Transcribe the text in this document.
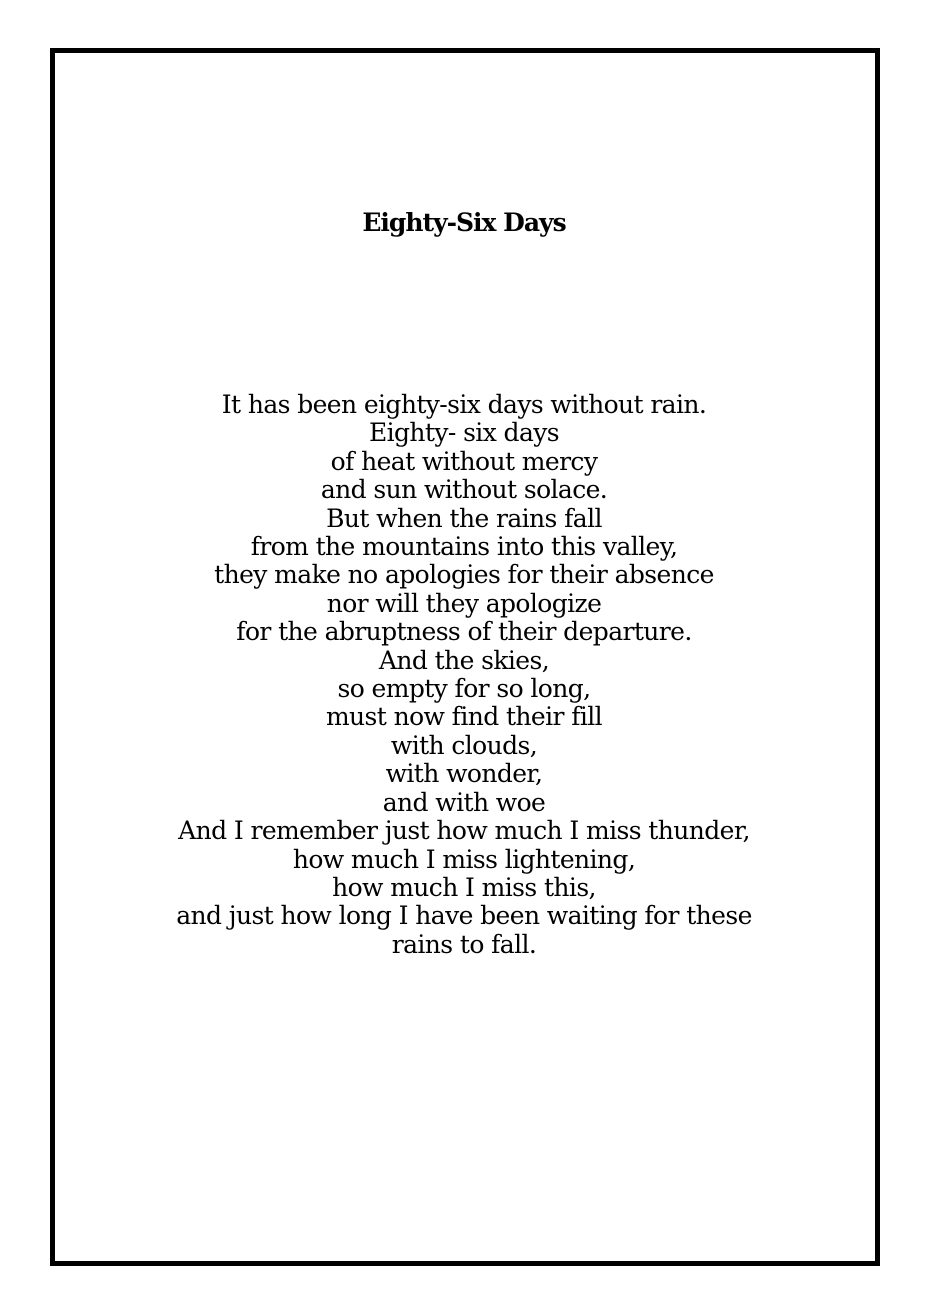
Eighty-Six Days
It has been eighty-six days without rain.
Eighty- six days
of heat without mercy
and sun without solace.
But when the rains fall
from the mountains into this valley,
they make no apologies for their absence
nor will they apologize
for the abruptness of their departure.
And the skies,
so empty for so long,
must now find their fill
with clouds,
with wonder,
and with woe
And I remember just how much I miss thunder,
how much I miss lightening,
how much I miss this,
and just how long I have been waiting for these
rains to fall.
